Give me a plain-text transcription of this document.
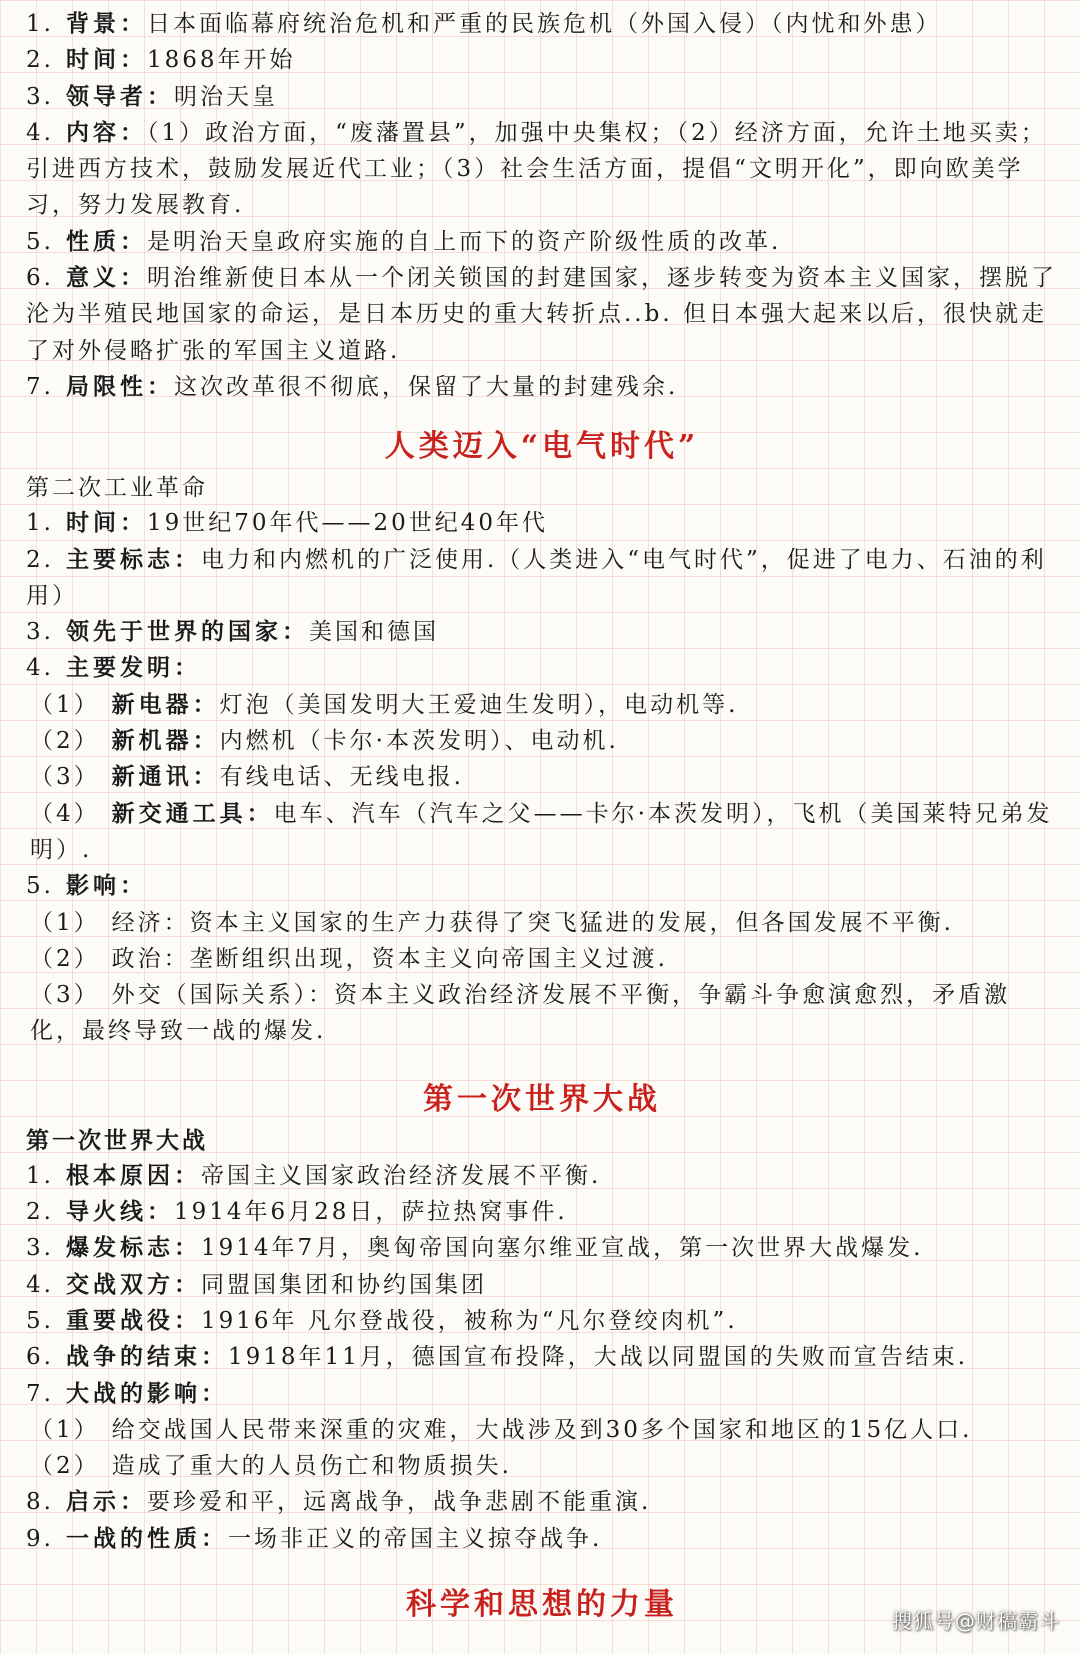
1. 背景：日本面临幕府统治危机和严重的民族危机（外国入侵）（内忧和外患）

2. 时间：1868年开始

3. 领导者：明治天皇

4. 内容：（1）政治方面，“废藩置县”，加强中央集权；（2）经济方面，允许土地买卖；引进西方技术，鼓励发展近代工业；（3）社会生活方面，提倡“文明开化”，即向欧美学习，努力发展教育.

5. 性质：是明治天皇政府实施的自上而下的资产阶级性质的改革.

6. 意义：明治维新使日本从一个闭关锁国的封建国家，逐步转变为资本主义国家，摆脱了沦为半殖民地国家的命运，是日本历史的重大转折点..b. 但日本强大起来以后，很快就走了对外侵略扩张的军国主义道路.

7. 局限性：这次改革很不彻底，保留了大量的封建残余.

人类迈入“电气时代”

第二次工业革命

1. 时间：19世纪70年代——20世纪40年代

2. 主要标志：电力和内燃机的广泛使用.（人类进入“电气时代”，促进了电力、石油的利用）

3. 领先于世界的国家：美国和德国

4. 主要发明：

（1） 新电器：灯泡（美国发明大王爱迪生发明），电动机等.

（2） 新机器：内燃机（卡尔·本茨发明）、电动机.

（3） 新通讯：有线电话、无线电报.

（4） 新交通工具：电车、汽车（汽车之父——卡尔·本茨发明），飞机（美国莱特兄弟发明）.

5. 影响：

（1） 经济：资本主义国家的生产力获得了突飞猛进的发展，但各国发展不平衡.

（2） 政治：垄断组织出现，资本主义向帝国主义过渡.

（3） 外交（国际关系）：资本主义政治经济发展不平衡，争霸斗争愈演愈烈，矛盾激化，最终导致一战的爆发.

第一次世界大战

第一次世界大战

1. 根本原因：帝国主义国家政治经济发展不平衡.

2. 导火线：1914年6月28日，萨拉热窝事件.

3. 爆发标志：1914年7月，奥匈帝国向塞尔维亚宣战，第一次世界大战爆发.

4. 交战双方：同盟国集团和协约国集团

5. 重要战役：1916年 凡尔登战役，被称为“凡尔登绞肉机”.

6. 战争的结束：1918年11月，德国宣布投降，大战以同盟国的失败而宣告结束.

7. 大战的影响：

（1） 给交战国人民带来深重的灾难，大战涉及到30多个国家和地区的15亿人口.

（2） 造成了重大的人员伤亡和物质损失.

8. 启示：要珍爱和平，远离战争，战争悲剧不能重演.

9. 一战的性质：一场非正义的帝国主义掠夺战争.

科学和思想的力量	搜狐号@财稿霸斗
